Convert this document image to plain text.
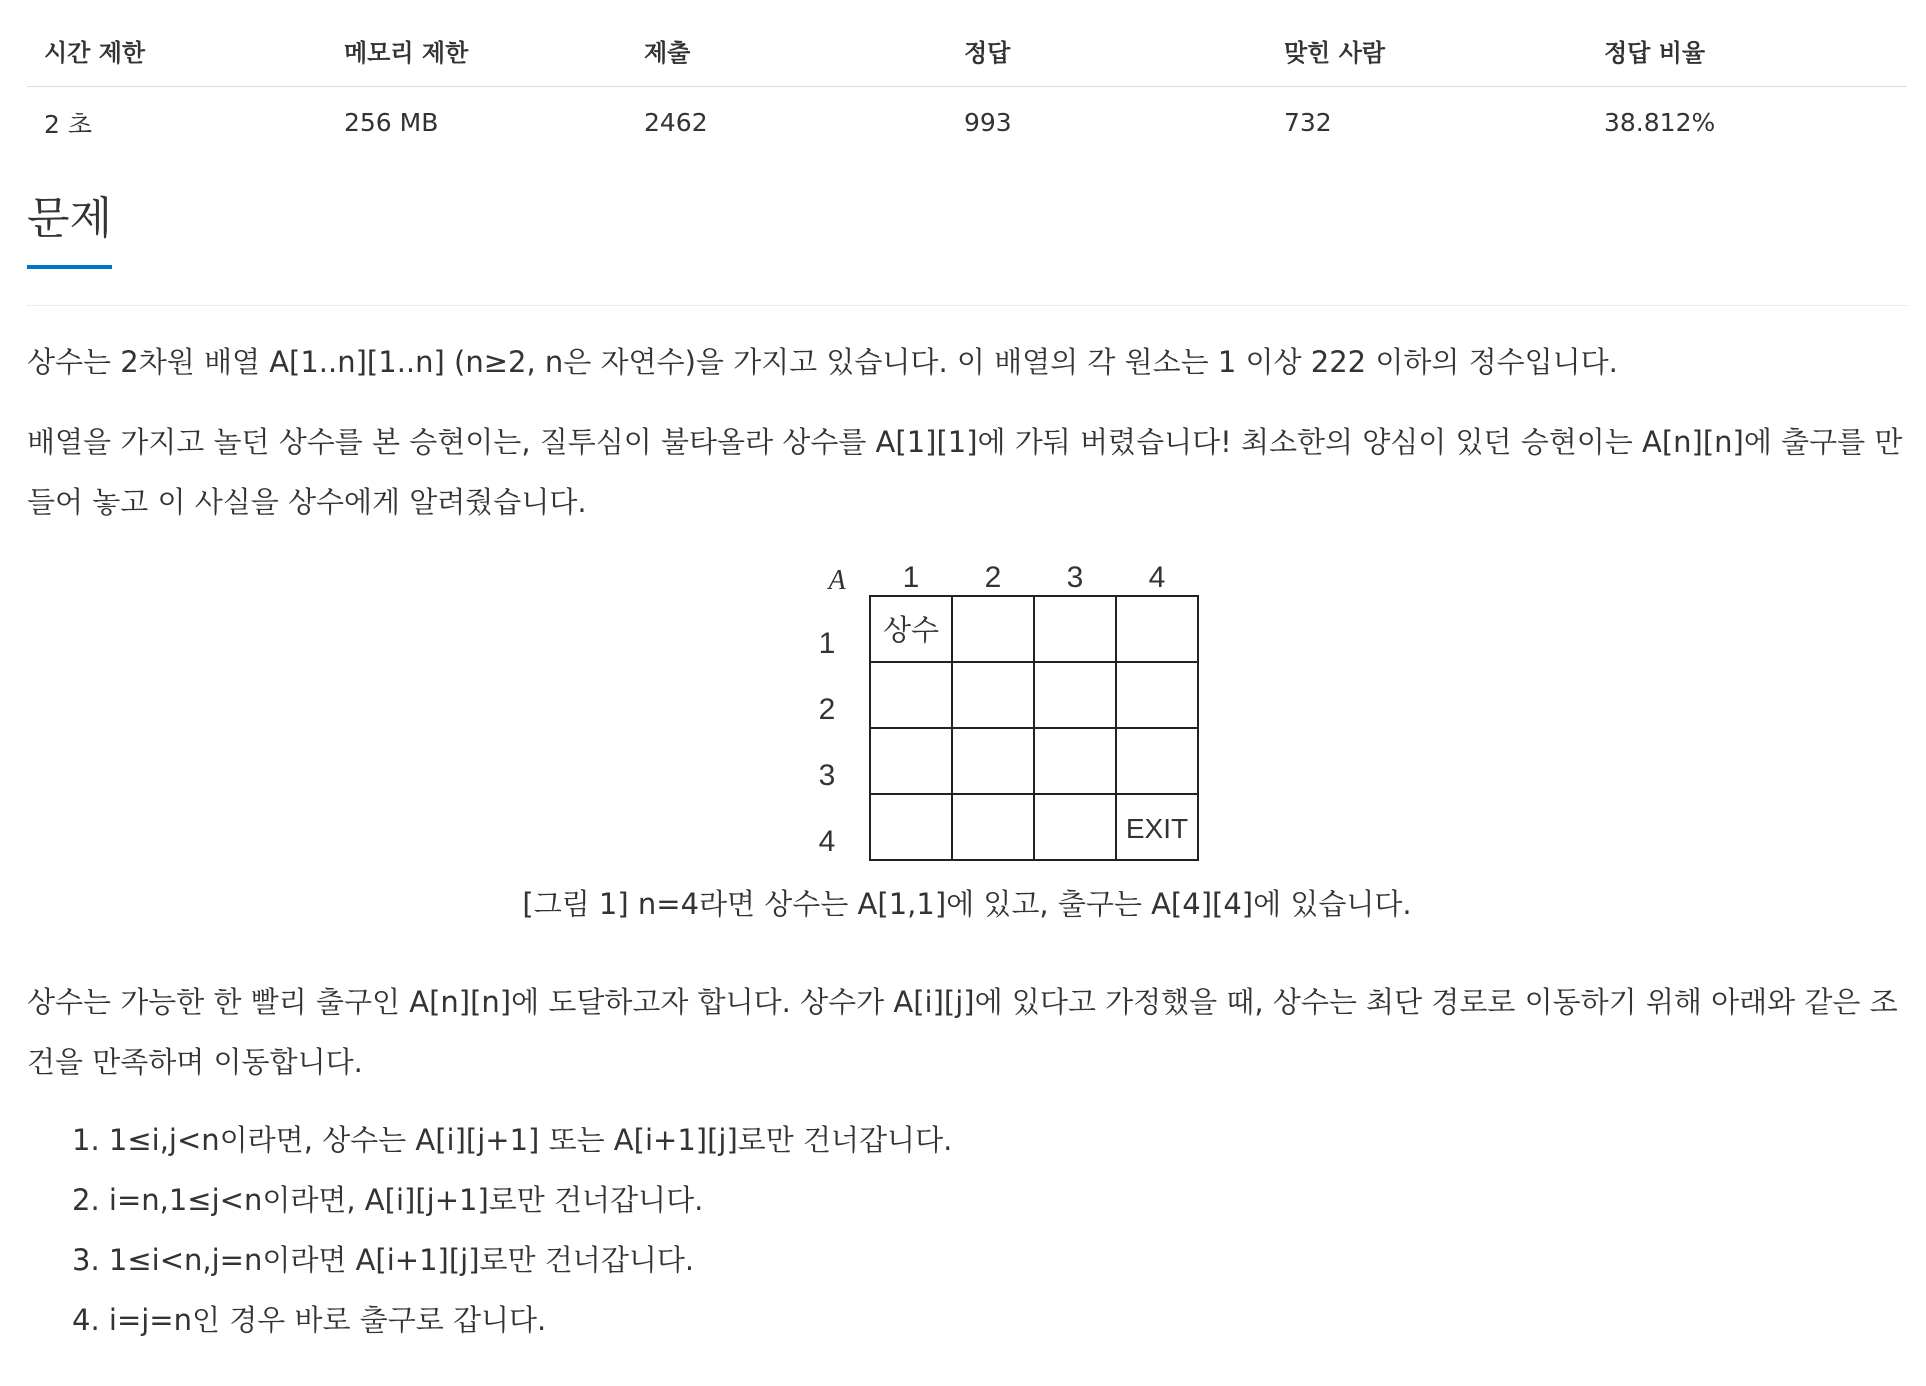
시간 제한	메모리 제한	제출	정답	맞힌 사람	정답 비율
2 초	256 MB	2462	993	732	38.812%
문제

상수는 2차원 배열 A[1..n][1..n] (n≥2, n은 자연수)을 가지고 있습니다. 이 배열의 각 원소는 1 이상 222 이하의 정수입니다.

배열을 가지고 놀던 상수를 본 승현이는, 질투심이 불타올라 상수를 A[1][1]에 가둬 버렸습니다! 최소한의 양심이 있던 승현이는 A[n][n]에 출구를 만들어 놓고 이 사실을 상수에게 알려줬습니다.

A 1 2 3 4
1
2
3
4
상수
EXIT
[그림 1] n=4라면 상수는 A[1,1]에 있고, 출구는 A[4][4]에 있습니다.

상수는 가능한 한 빨리 출구인 A[n][n]에 도달하고자 합니다. 상수가 A[i][j]에 있다고 가정했을 때, 상수는 최단 경로로 이동하기 위해 아래와 같은 조건을 만족하며 이동합니다.

1. 1≤i,j<n이라면, 상수는 A[i][j+1] 또는 A[i+1][j]로만 건너갑니다.
2. i=n,1≤j<n이라면, A[i][j+1]로만 건너갑니다.
3. 1≤i<n,j=n이라면 A[i+1][j]로만 건너갑니다.
4. i=j=n인 경우 바로 출구로 갑니다.
